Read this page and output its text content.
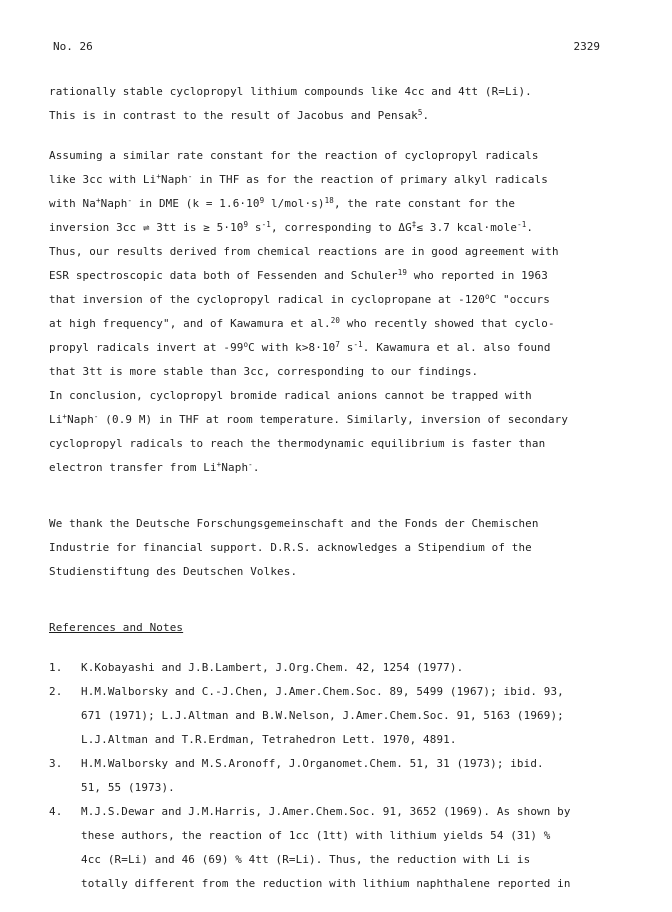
No. 26	2329
rationally stable cyclopropyl lithium compounds like 4cc and 4tt (R=Li).
This is in contrast to the result of Jacobus and Pensak$^5$.
Assuming a similar rate constant for the reaction of cyclopropyl radicals
like 3cc with Li+Naph- in THF as for the reaction of primary alkyl radicals
with Na+Naph- in DME ($k = 1.6\cdot 10^9$ l/mol·s)$^{18}$, the rate constant for the
inversion 3cc ⇌ 3tt is ≥ $5\cdot 10^9$ $s^{-1}$, corresponding to ΔG‡≤ 3.7 kcal·mole$^{-1}$.
Thus, our results derived from chemical reactions are in good agreement with
ESR spectroscopic data both of Fessenden and Schuler$^{19}$ who reported in 1963
that inversion of the cyclopropyl radical in cyclopropane at -120$^o$C "occurs
at high frequency", and of Kawamura et al.$^{20}$ who recently showed that cyclo-
propyl radicals invert at -99$^o$C with $k>8\cdot 10^7$ $s^{-1}$. Kawamura et al. also found
that 3tt is more stable than 3cc, corresponding to our findings.
In conclusion, cyclopropyl bromide radical anions cannot be trapped with
Li+Naph- (0.9 M) in THF at room temperature. Similarly, inversion of secondary
cyclopropyl radicals to reach the thermodynamic equilibrium is faster than
electron transfer from Li+Naph-.
We thank the Deutsche Forschungsgemeinschaft and the Fonds der Chemischen
Industrie for financial support. D.R.S. acknowledges a Stipendium of the
Studienstiftung des Deutschen Volkes.
References and Notes
1.	K.Kobayashi and J.B.Lambert, J.Org.Chem. 42, 1254 (1977).
2.	H.M.Walborsky and C.-J.Chen, J.Amer.Chem.Soc. 89, 5499 (1967); ibid. 93,
671 (1971); L.J.Altman and B.W.Nelson, J.Amer.Chem.Soc. 91, 5163 (1969);
L.J.Altman and T.R.Erdman, Tetrahedron Lett. 1970, 4891.
3.	H.M.Walborsky and M.S.Aronoff, J.Organomet.Chem. 51, 31 (1973); ibid.
51, 55 (1973).
4.	M.J.S.Dewar and J.M.Harris, J.Amer.Chem.Soc. 91, 3652 (1969). As shown by
these authors, the reaction of 1cc (1tt) with lithium yields 54 (31) %
4cc (R=Li) and 46 (69) % 4tt (R=Li). Thus, the reduction with Li is
totally different from the reduction with lithium naphthalene reported in
